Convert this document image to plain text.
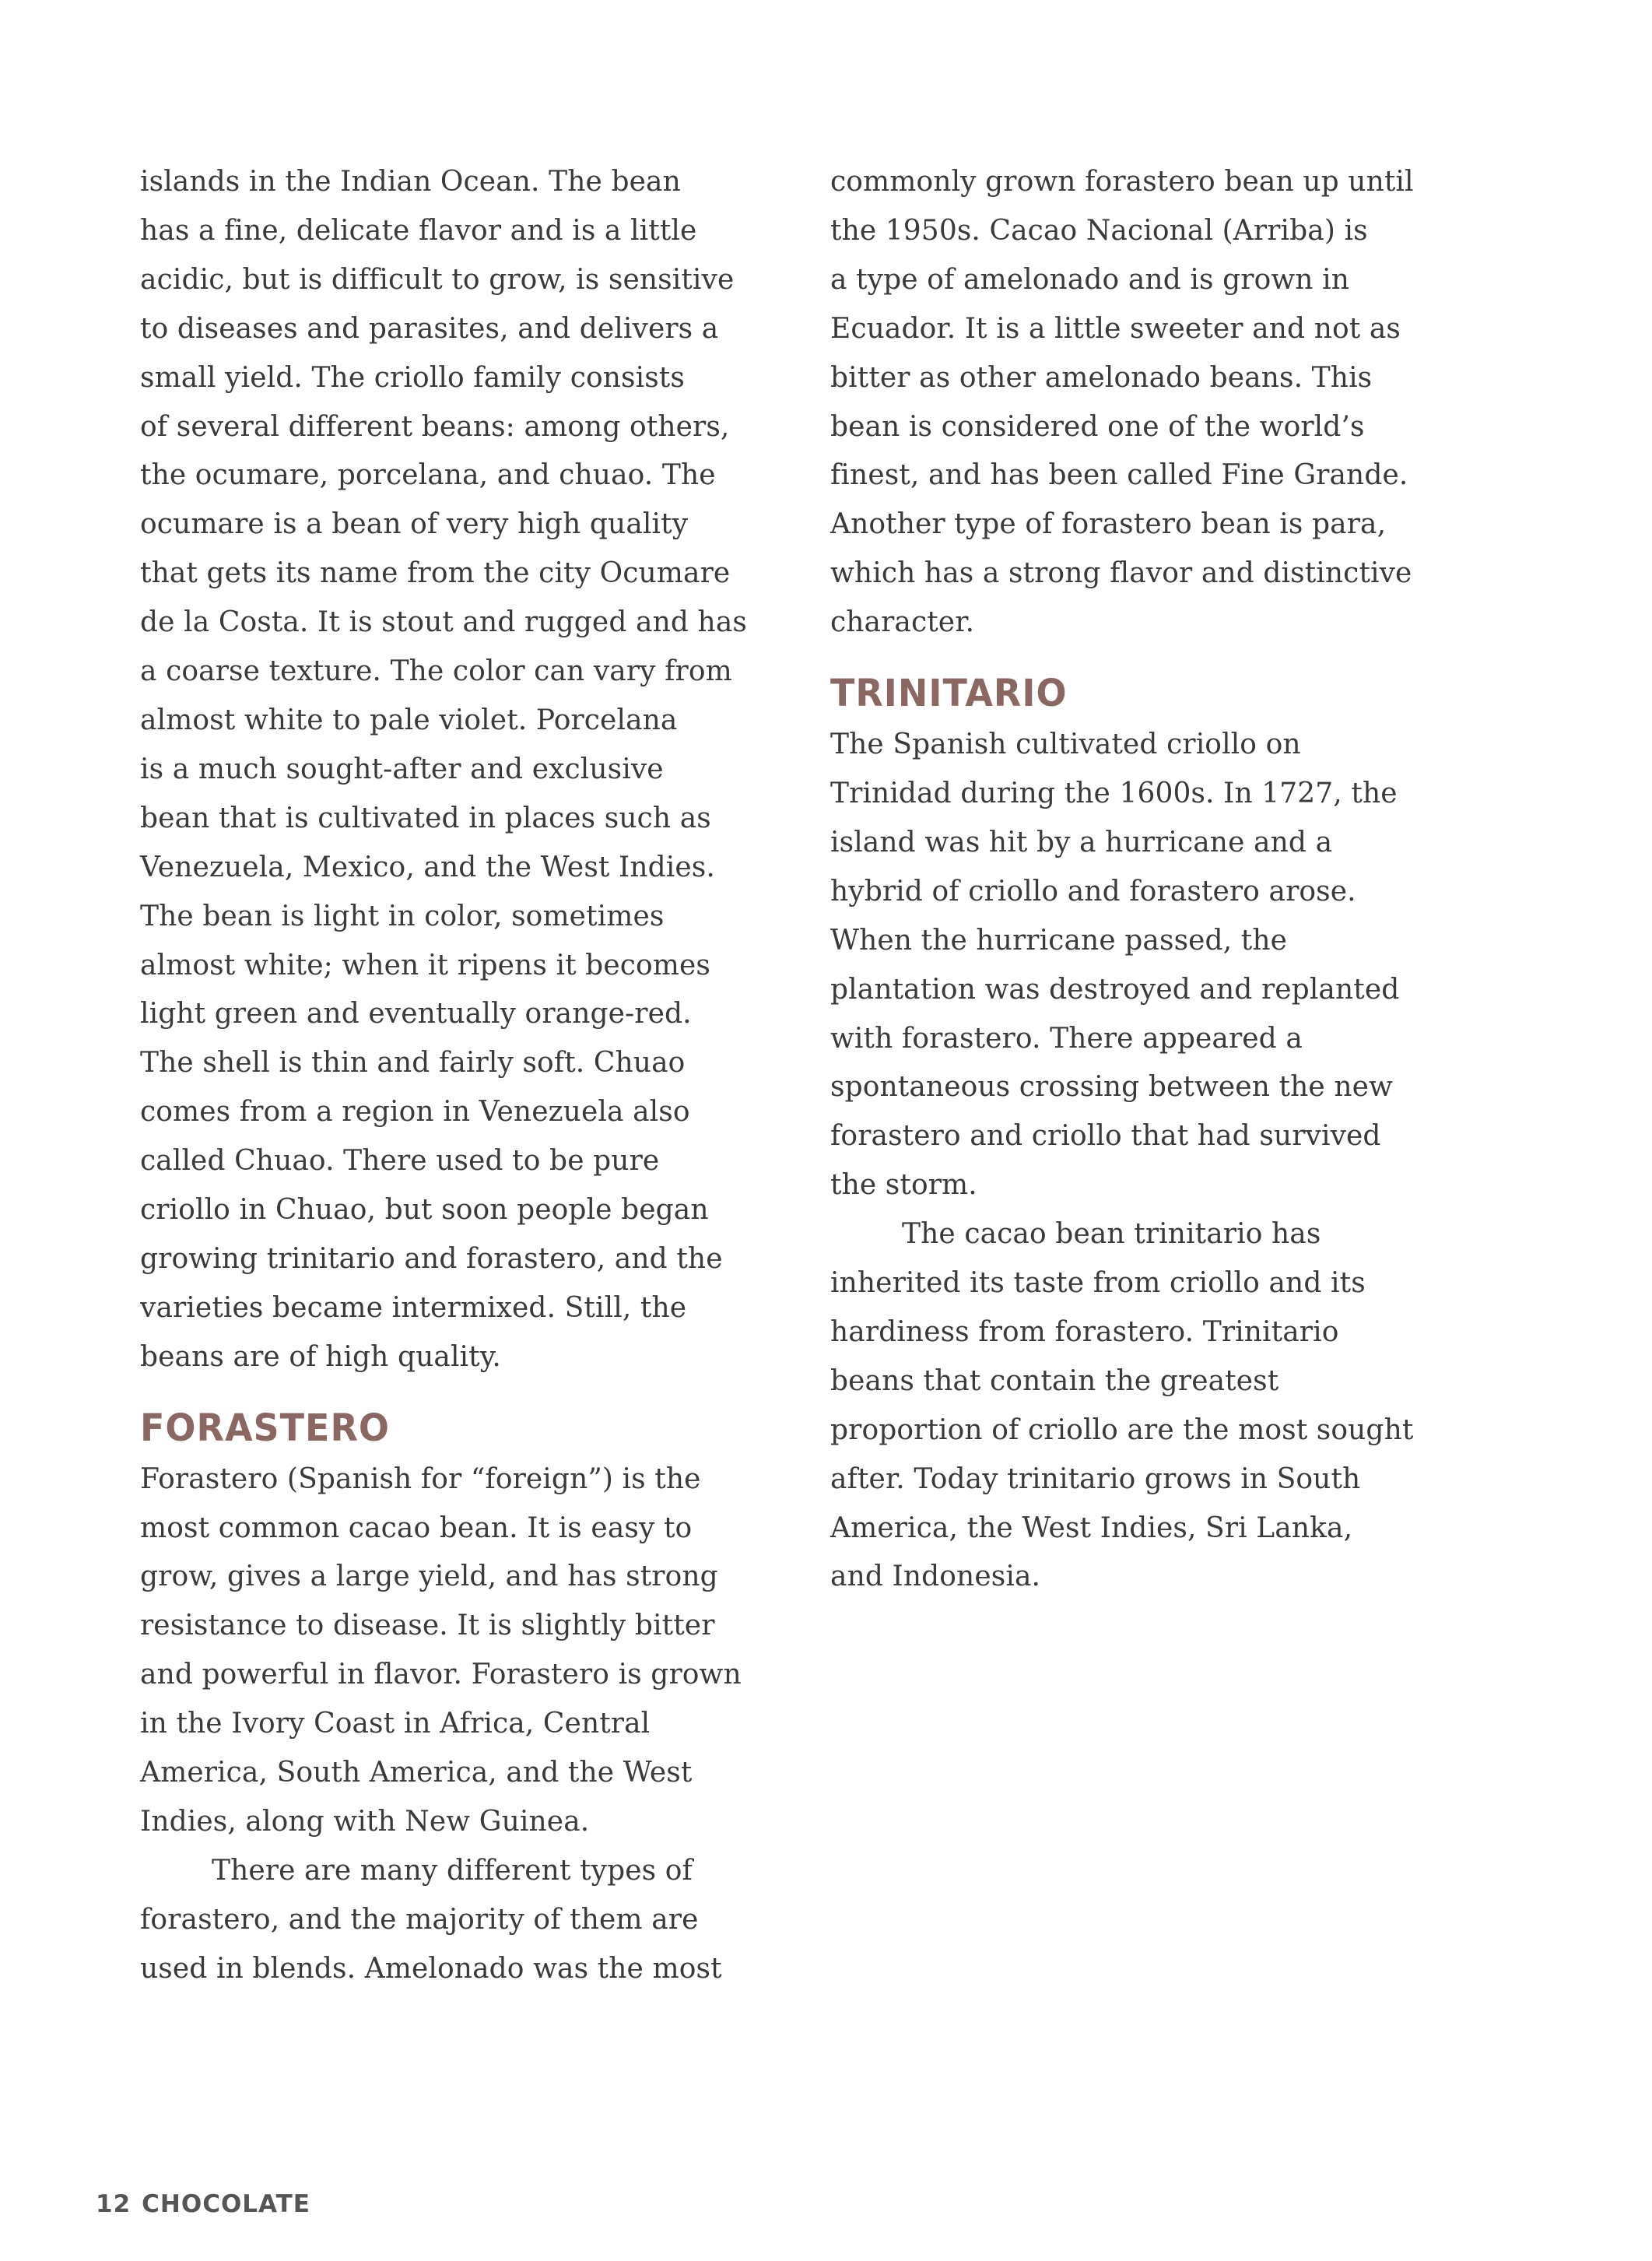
islands in the Indian Ocean. The bean
has a fine, delicate flavor and is a little
acidic, but is difficult to grow, is sensitive
to diseases and parasites, and delivers a
small yield. The criollo family consists
of several different beans: among others,
the ocumare, porcelana, and chuao. The
ocumare is a bean of very high quality
that gets its name from the city Ocumare
de la Costa. It is stout and rugged and has
a coarse texture. The color can vary from
almost white to pale violet. Porcelana
is a much sought-after and exclusive
bean that is cultivated in places such as
Venezuela, Mexico, and the West Indies.
The bean is light in color, sometimes
almost white; when it ripens it becomes
light green and eventually orange-red.
The shell is thin and fairly soft. Chuao
comes from a region in Venezuela also
called Chuao. There used to be pure
criollo in Chuao, but soon people began
growing trinitario and forastero, and the
varieties became intermixed. Still, the
beans are of high quality.
FORASTERO
Forastero (Spanish for “foreign”) is the
most common cacao bean. It is easy to
grow, gives a large yield, and has strong
resistance to disease. It is slightly bitter
and powerful in flavor. Forastero is grown
in the Ivory Coast in Africa, Central
America, South America, and the West
Indies, along with New Guinea.
There are many different types of
forastero, and the majority of them are
used in blends. Amelonado was the most
commonly grown forastero bean up until
the 1950s. Cacao Nacional (Arriba) is
a type of amelonado and is grown in
Ecuador. It is a little sweeter and not as
bitter as other amelonado beans. This
bean is considered one of the world’s
finest, and has been called Fine Grande.
Another type of forastero bean is para,
which has a strong flavor and distinctive
character.
TRINITARIO
The Spanish cultivated criollo on
Trinidad during the 1600s. In 1727, the
island was hit by a hurricane and a
hybrid of criollo and forastero arose.
When the hurricane passed, the
plantation was destroyed and replanted
with forastero. There appeared a
spontaneous crossing between the new
forastero and criollo that had survived
the storm.
The cacao bean trinitario has
inherited its taste from criollo and its
hardiness from forastero. Trinitario
beans that contain the greatest
proportion of criollo are the most sought
after. Today trinitario grows in South
America, the West Indies, Sri Lanka,
and Indonesia.
12 CHOCOLATE
